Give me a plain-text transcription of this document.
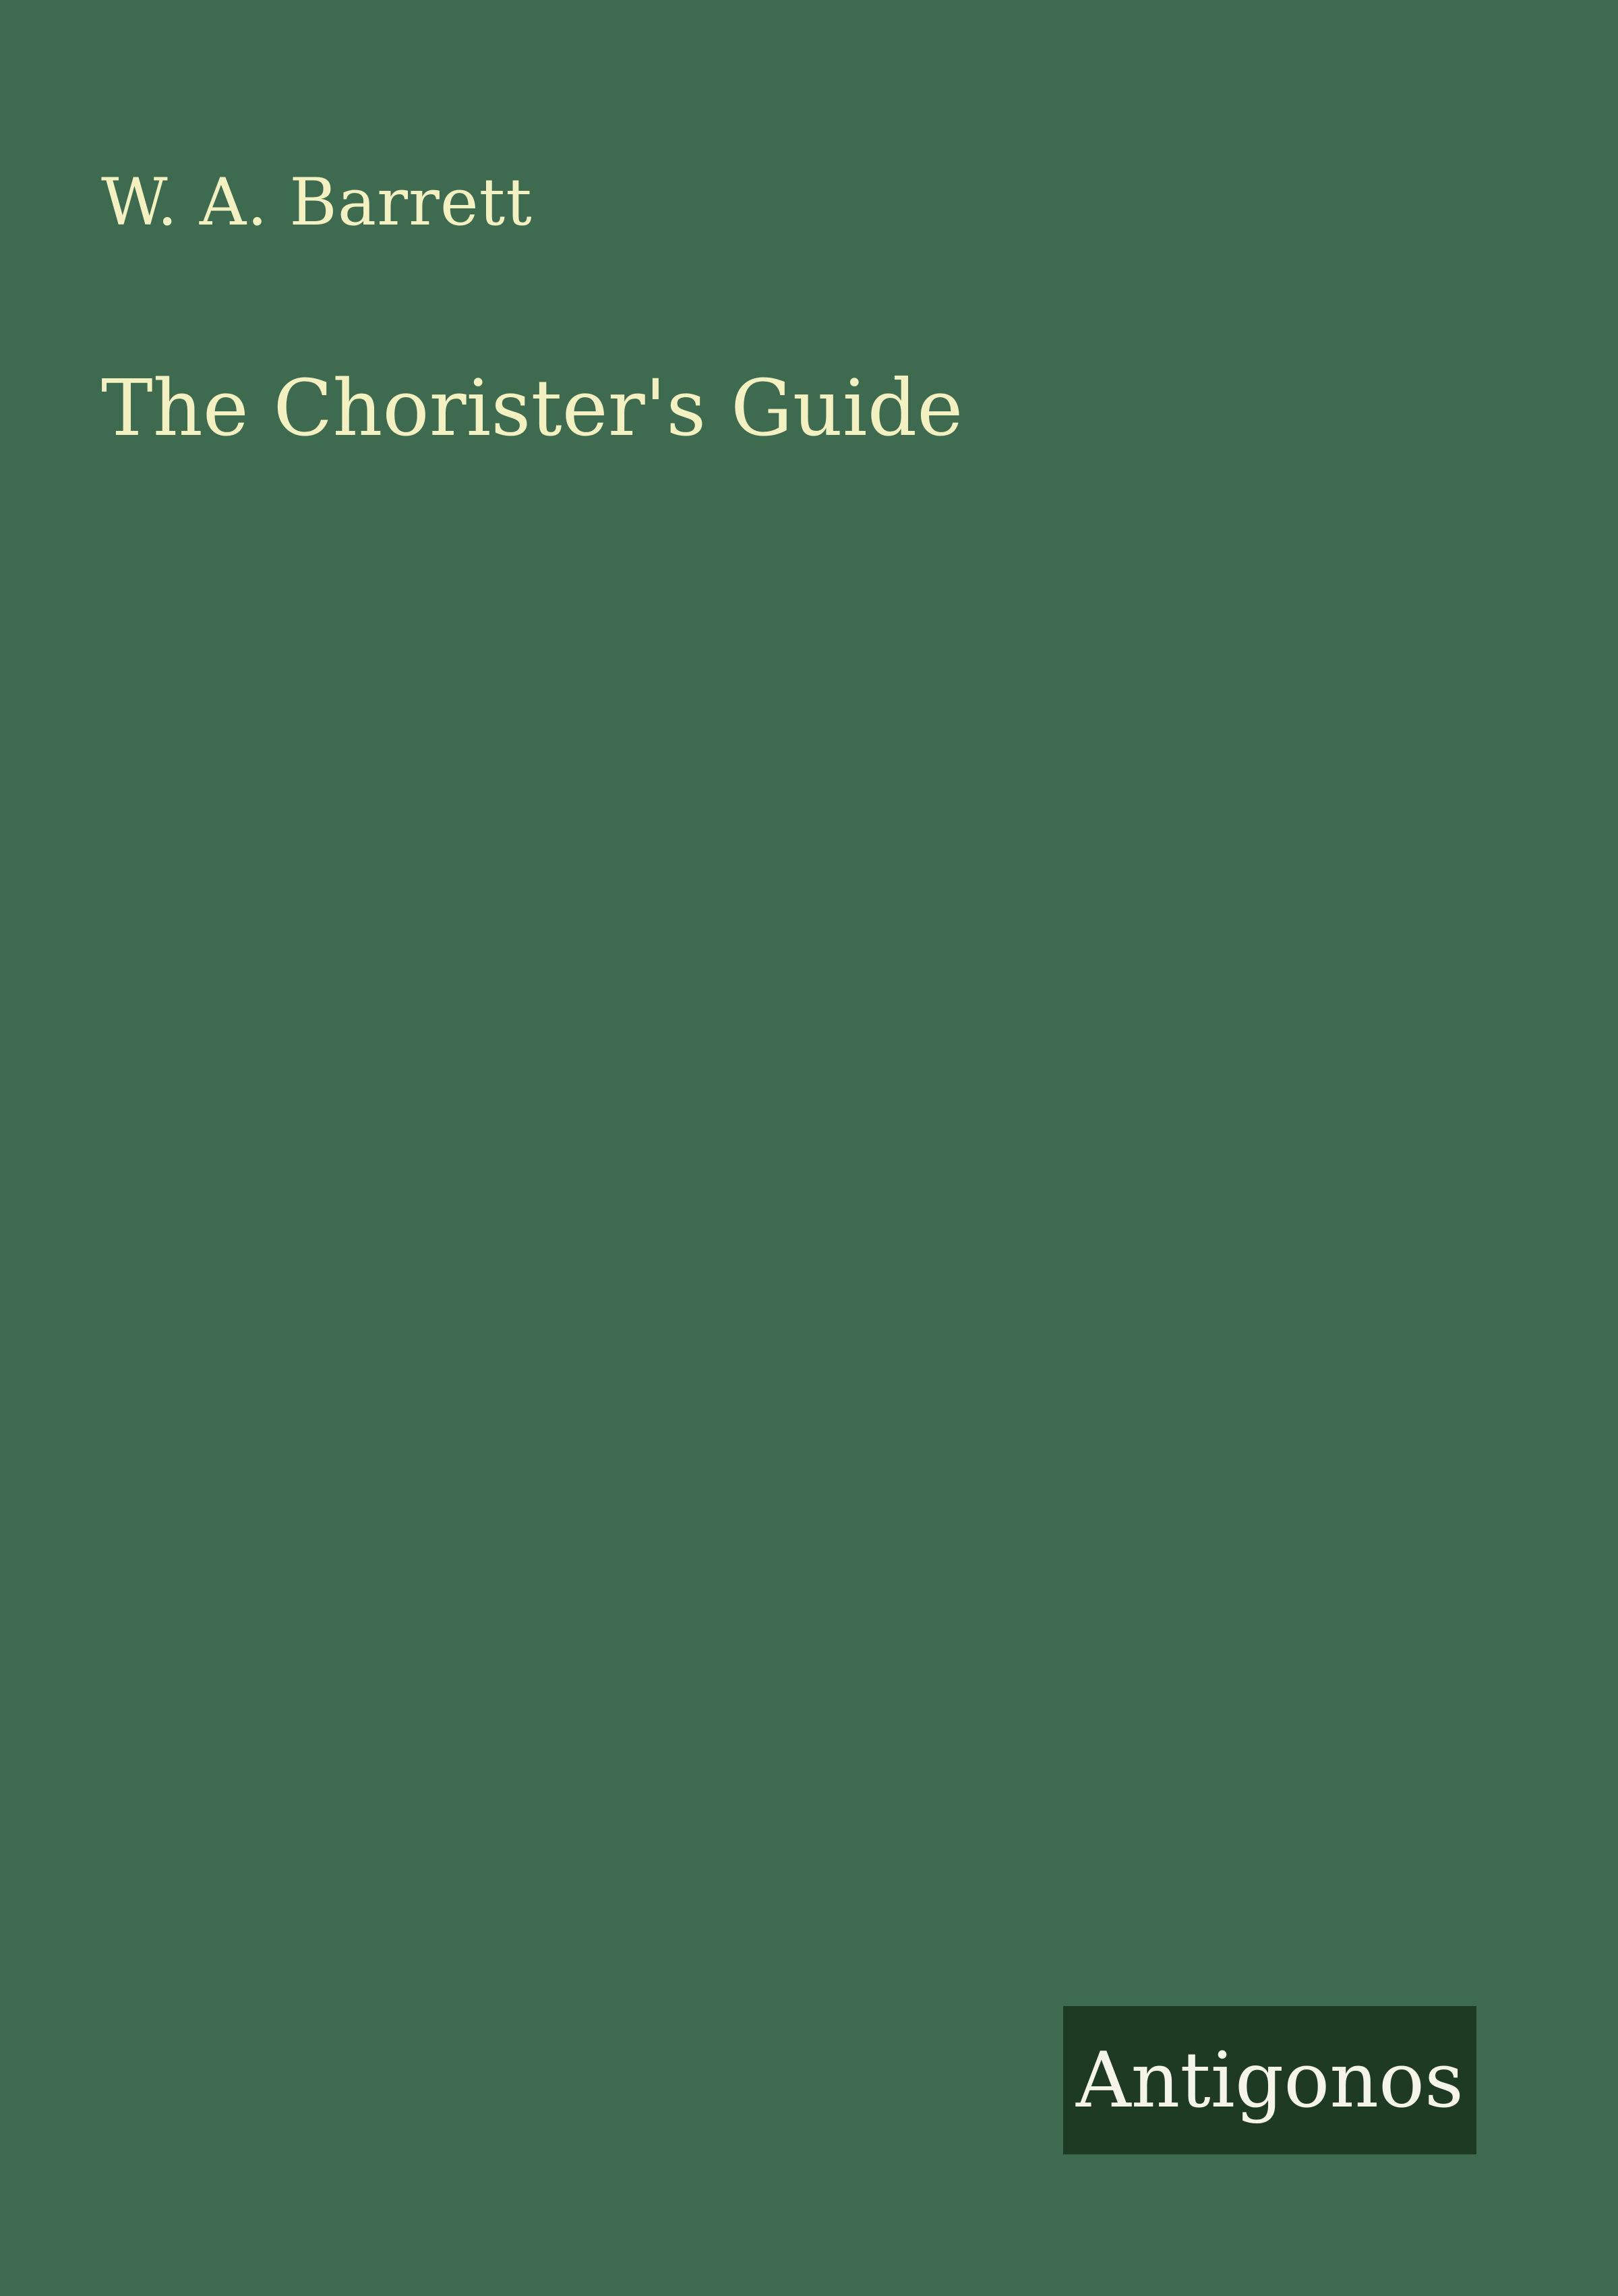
W. A. Barrett
The Chorister's Guide
Antigonos
